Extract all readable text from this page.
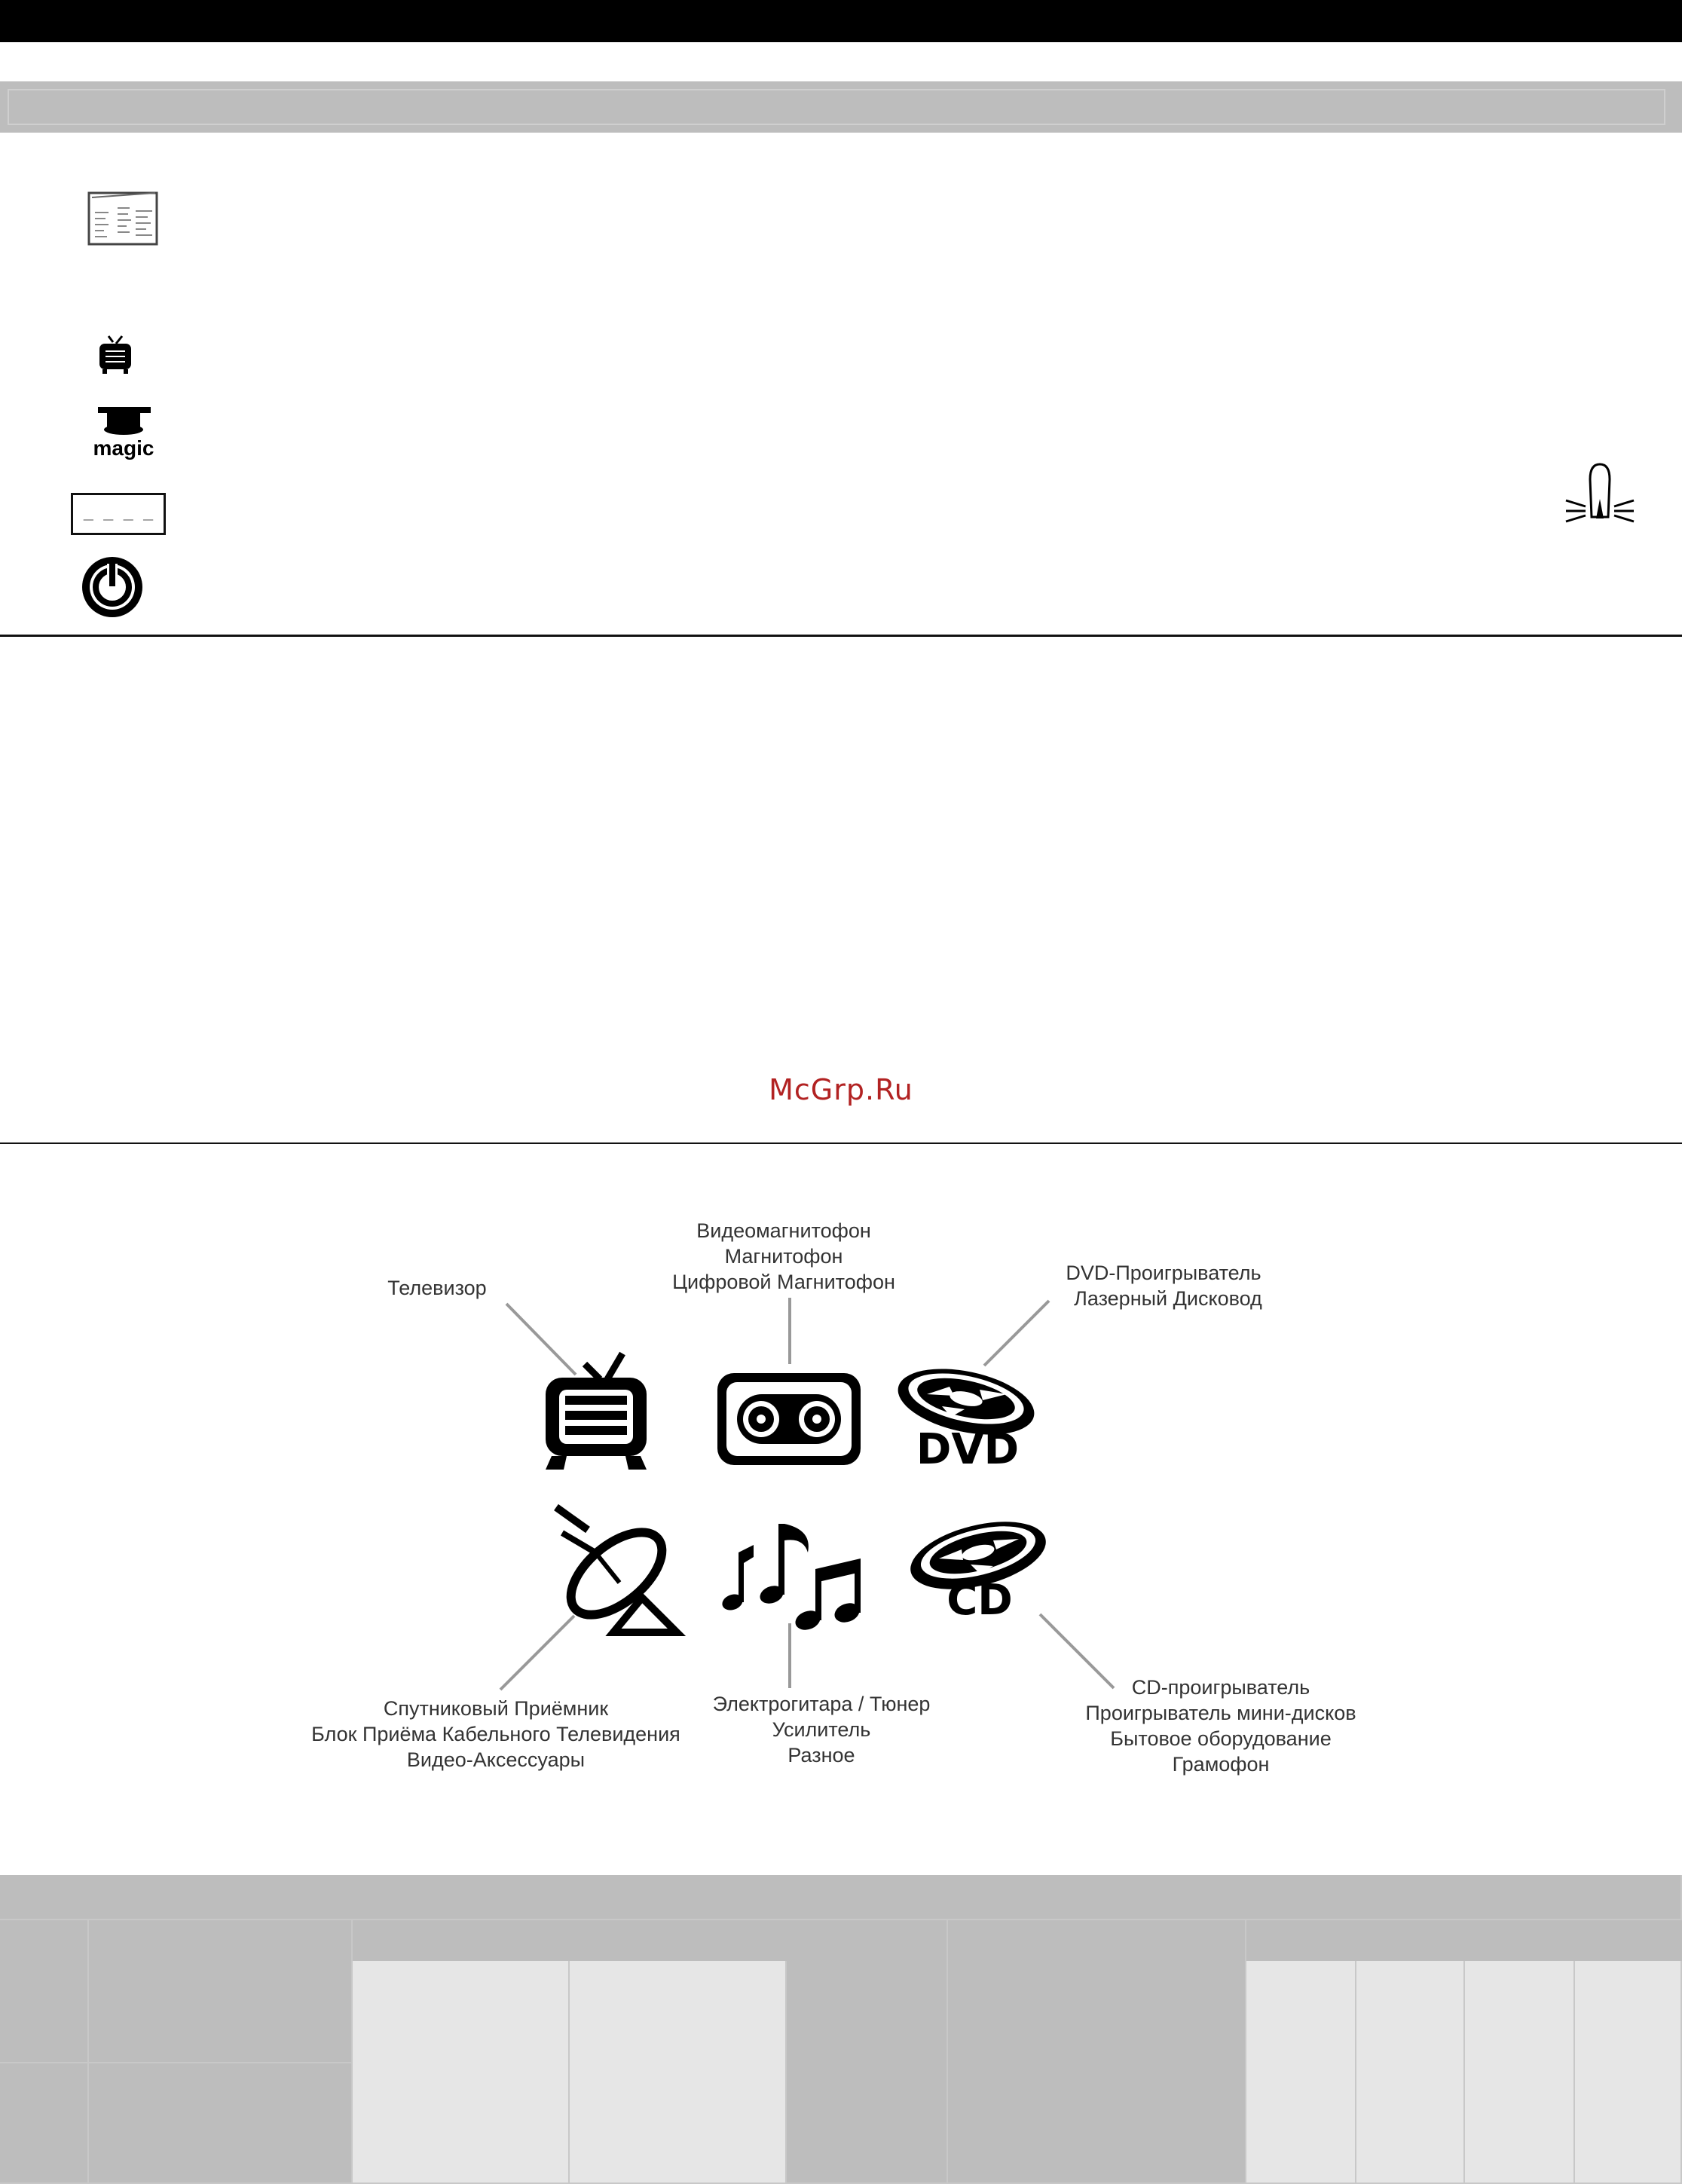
magic
_ _ _ _
McGrp.Ru
Телевизор
Видеомагнитофон
Магнитофон
Цифровой Магнитофон	DVD-Проигрыватель
Лазерный Дисковод
Спутниковый Приёмник
Блок Приёма Кабельного Телевидения
Видео-Аксессуары
Электрогитара / Тюнер
Усилитель
Разное
CD-проигрыватель
Проигрыватель мини-дисков
Бытовое оборудование
Грамофон
DVD
CD
